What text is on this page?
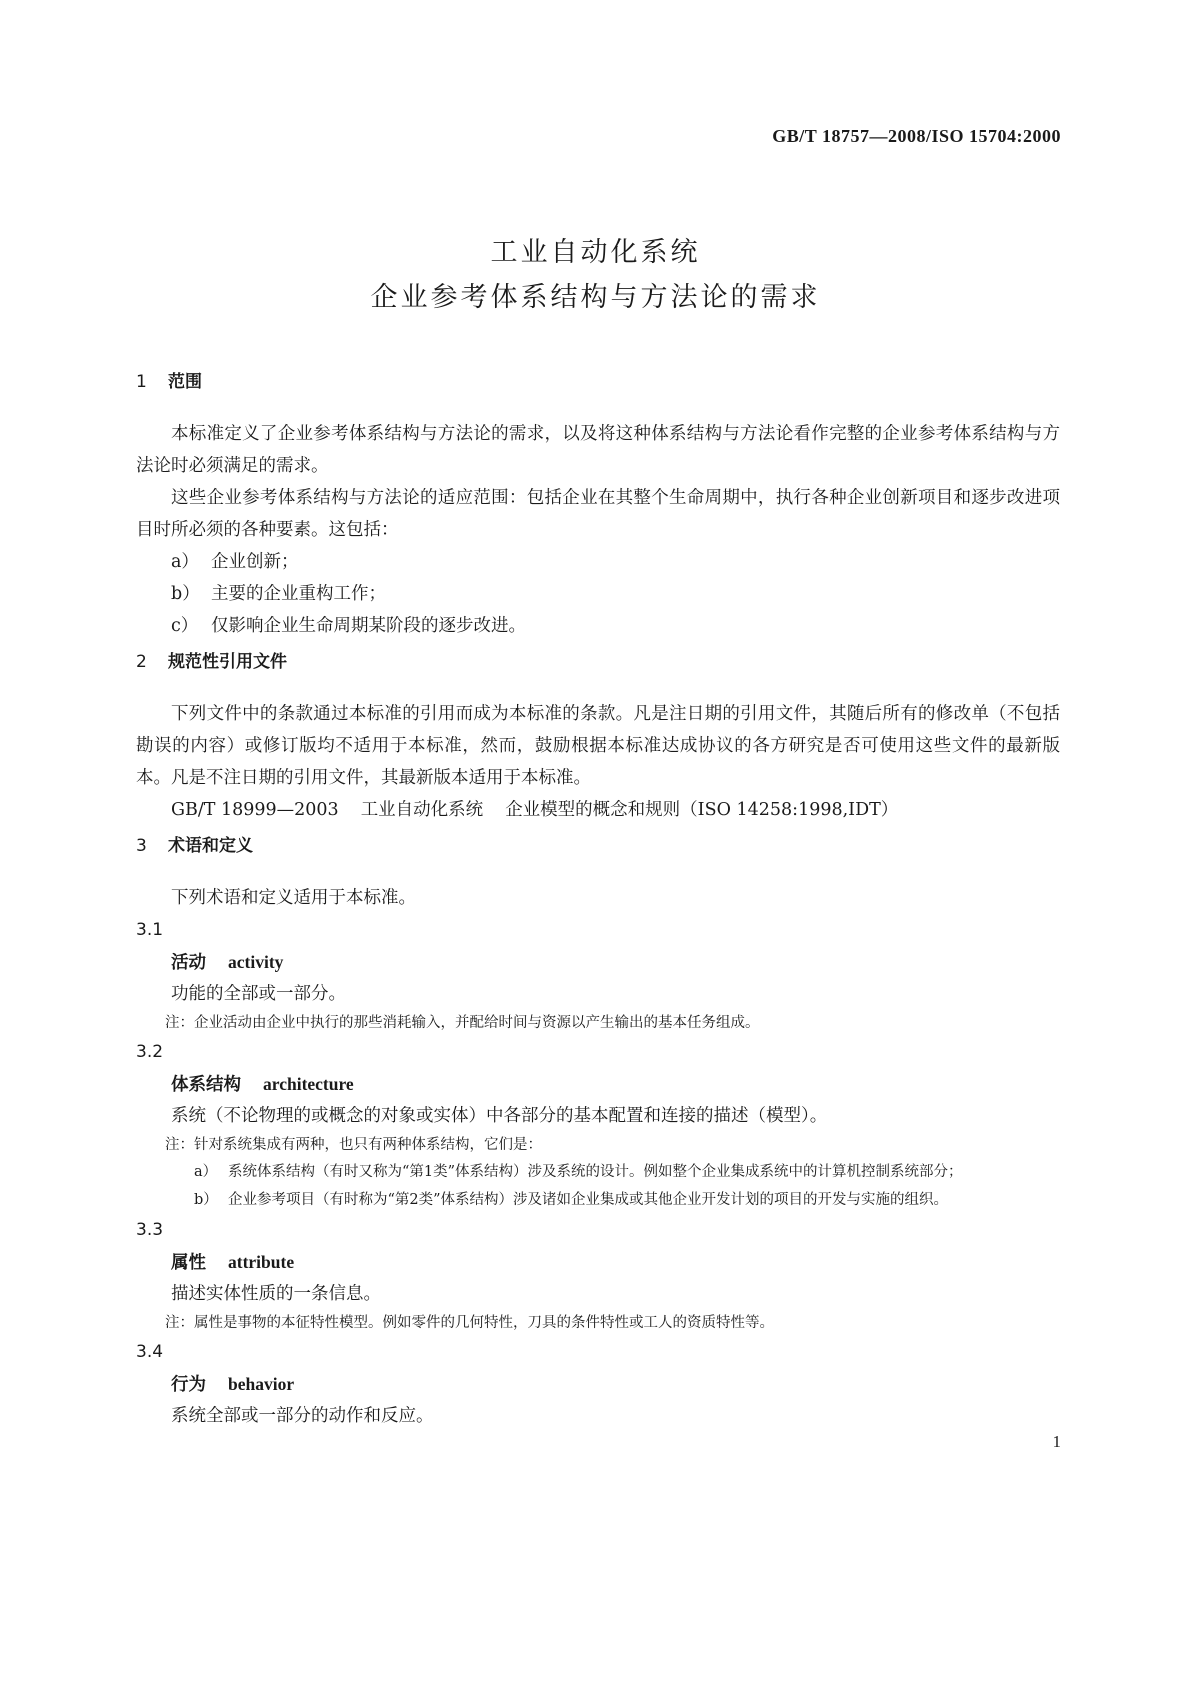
GB/T 18757—2008/ISO 15704:2000
工业自动化系统
企业参考体系结构与方法论的需求
1 范围

本标准定义了企业参考体系结构与方法论的需求，以及将这种体系结构与方法论看作完整的企业参考体系结构与方法论时必须满足的需求。

这些企业参考体系结构与方法论的适应范围：包括企业在其整个生命周期中，执行各种企业创新项目和逐步改进项目时所必须的各种要素。这包括：

a） 企业创新；

b） 主要的企业重构工作；

c） 仅影响企业生命周期某阶段的逐步改进。

2 规范性引用文件

下列文件中的条款通过本标准的引用而成为本标准的条款。凡是注日期的引用文件，其随后所有的修改单（不包括勘误的内容）或修订版均不适用于本标准，然而，鼓励根据本标准达成协议的各方研究是否可使用这些文件的最新版本。凡是不注日期的引用文件，其最新版本适用于本标准。

GB/T 18999—2003 工业自动化系统 企业模型的概念和规则（ISO 14258:1998,IDT）

3 术语和定义

下列术语和定义适用于本标准。

3.1
活动 activity

功能的全部或一部分。

注：企业活动由企业中执行的那些消耗输入，并配给时间与资源以产生输出的基本任务组成。

3.2
体系结构 architecture

系统（不论物理的或概念的对象或实体）中各部分的基本配置和连接的描述（模型）。

注：针对系统集成有两种，也只有两种体系结构，它们是：

a） 系统体系结构（有时又称为“第1类”体系结构）涉及系统的设计。例如整个企业集成系统中的计算机控制系统部分；
b） 企业参考项目（有时称为“第2类”体系结构）涉及诸如企业集成或其他企业开发计划的项目的开发与实施的组织。
3.3
属性 attribute

描述实体性质的一条信息。

注：属性是事物的本征特性模型。例如零件的几何特性，刀具的条件特性或工人的资质特性等。

3.4
行为 behavior

系统全部或一部分的动作和反应。

1
